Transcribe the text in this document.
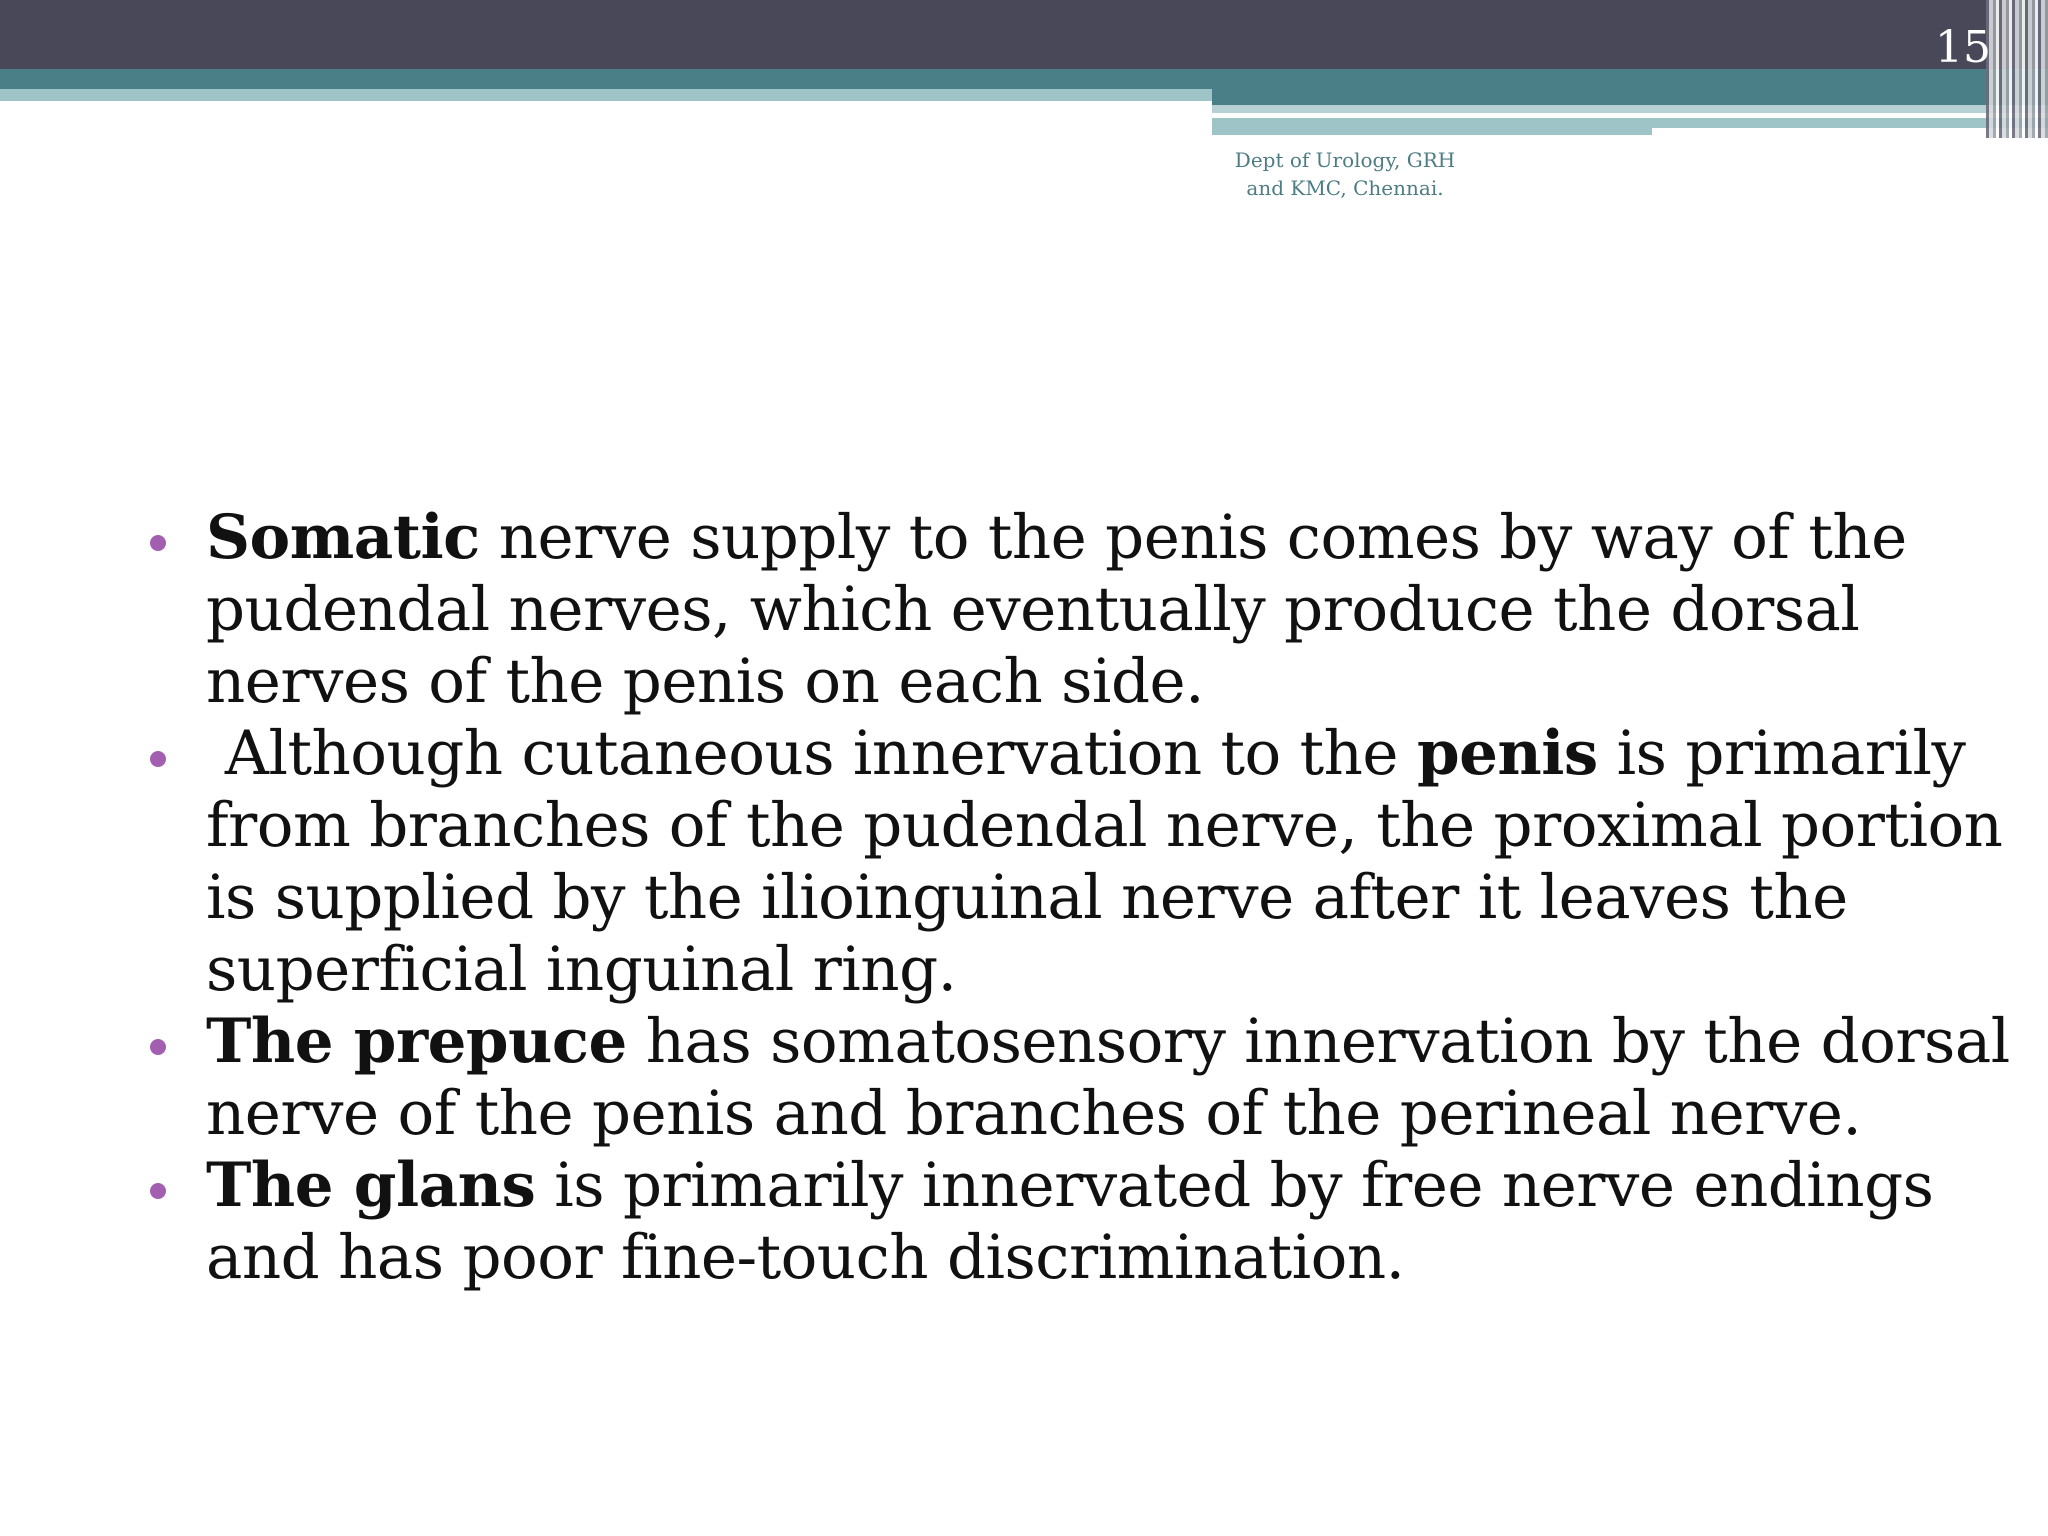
15
Dept of Urology, GRH
and KMC, Chennai.

Somatic nerve supply to the penis comes by way of the pudendal nerves, which eventually produce the dorsal nerves of the penis on each side.

Although cutaneous innervation to the penis is primarily from branches of the pudendal nerve, the proximal portion is supplied by the ilioinguinal nerve after it leaves the superficial inguinal ring.

The prepuce has somatosensory innervation by the dorsal nerve of the penis and branches of the perineal nerve.

The glans is primarily innervated by free nerve endings and has poor fine-touch discrimination.
